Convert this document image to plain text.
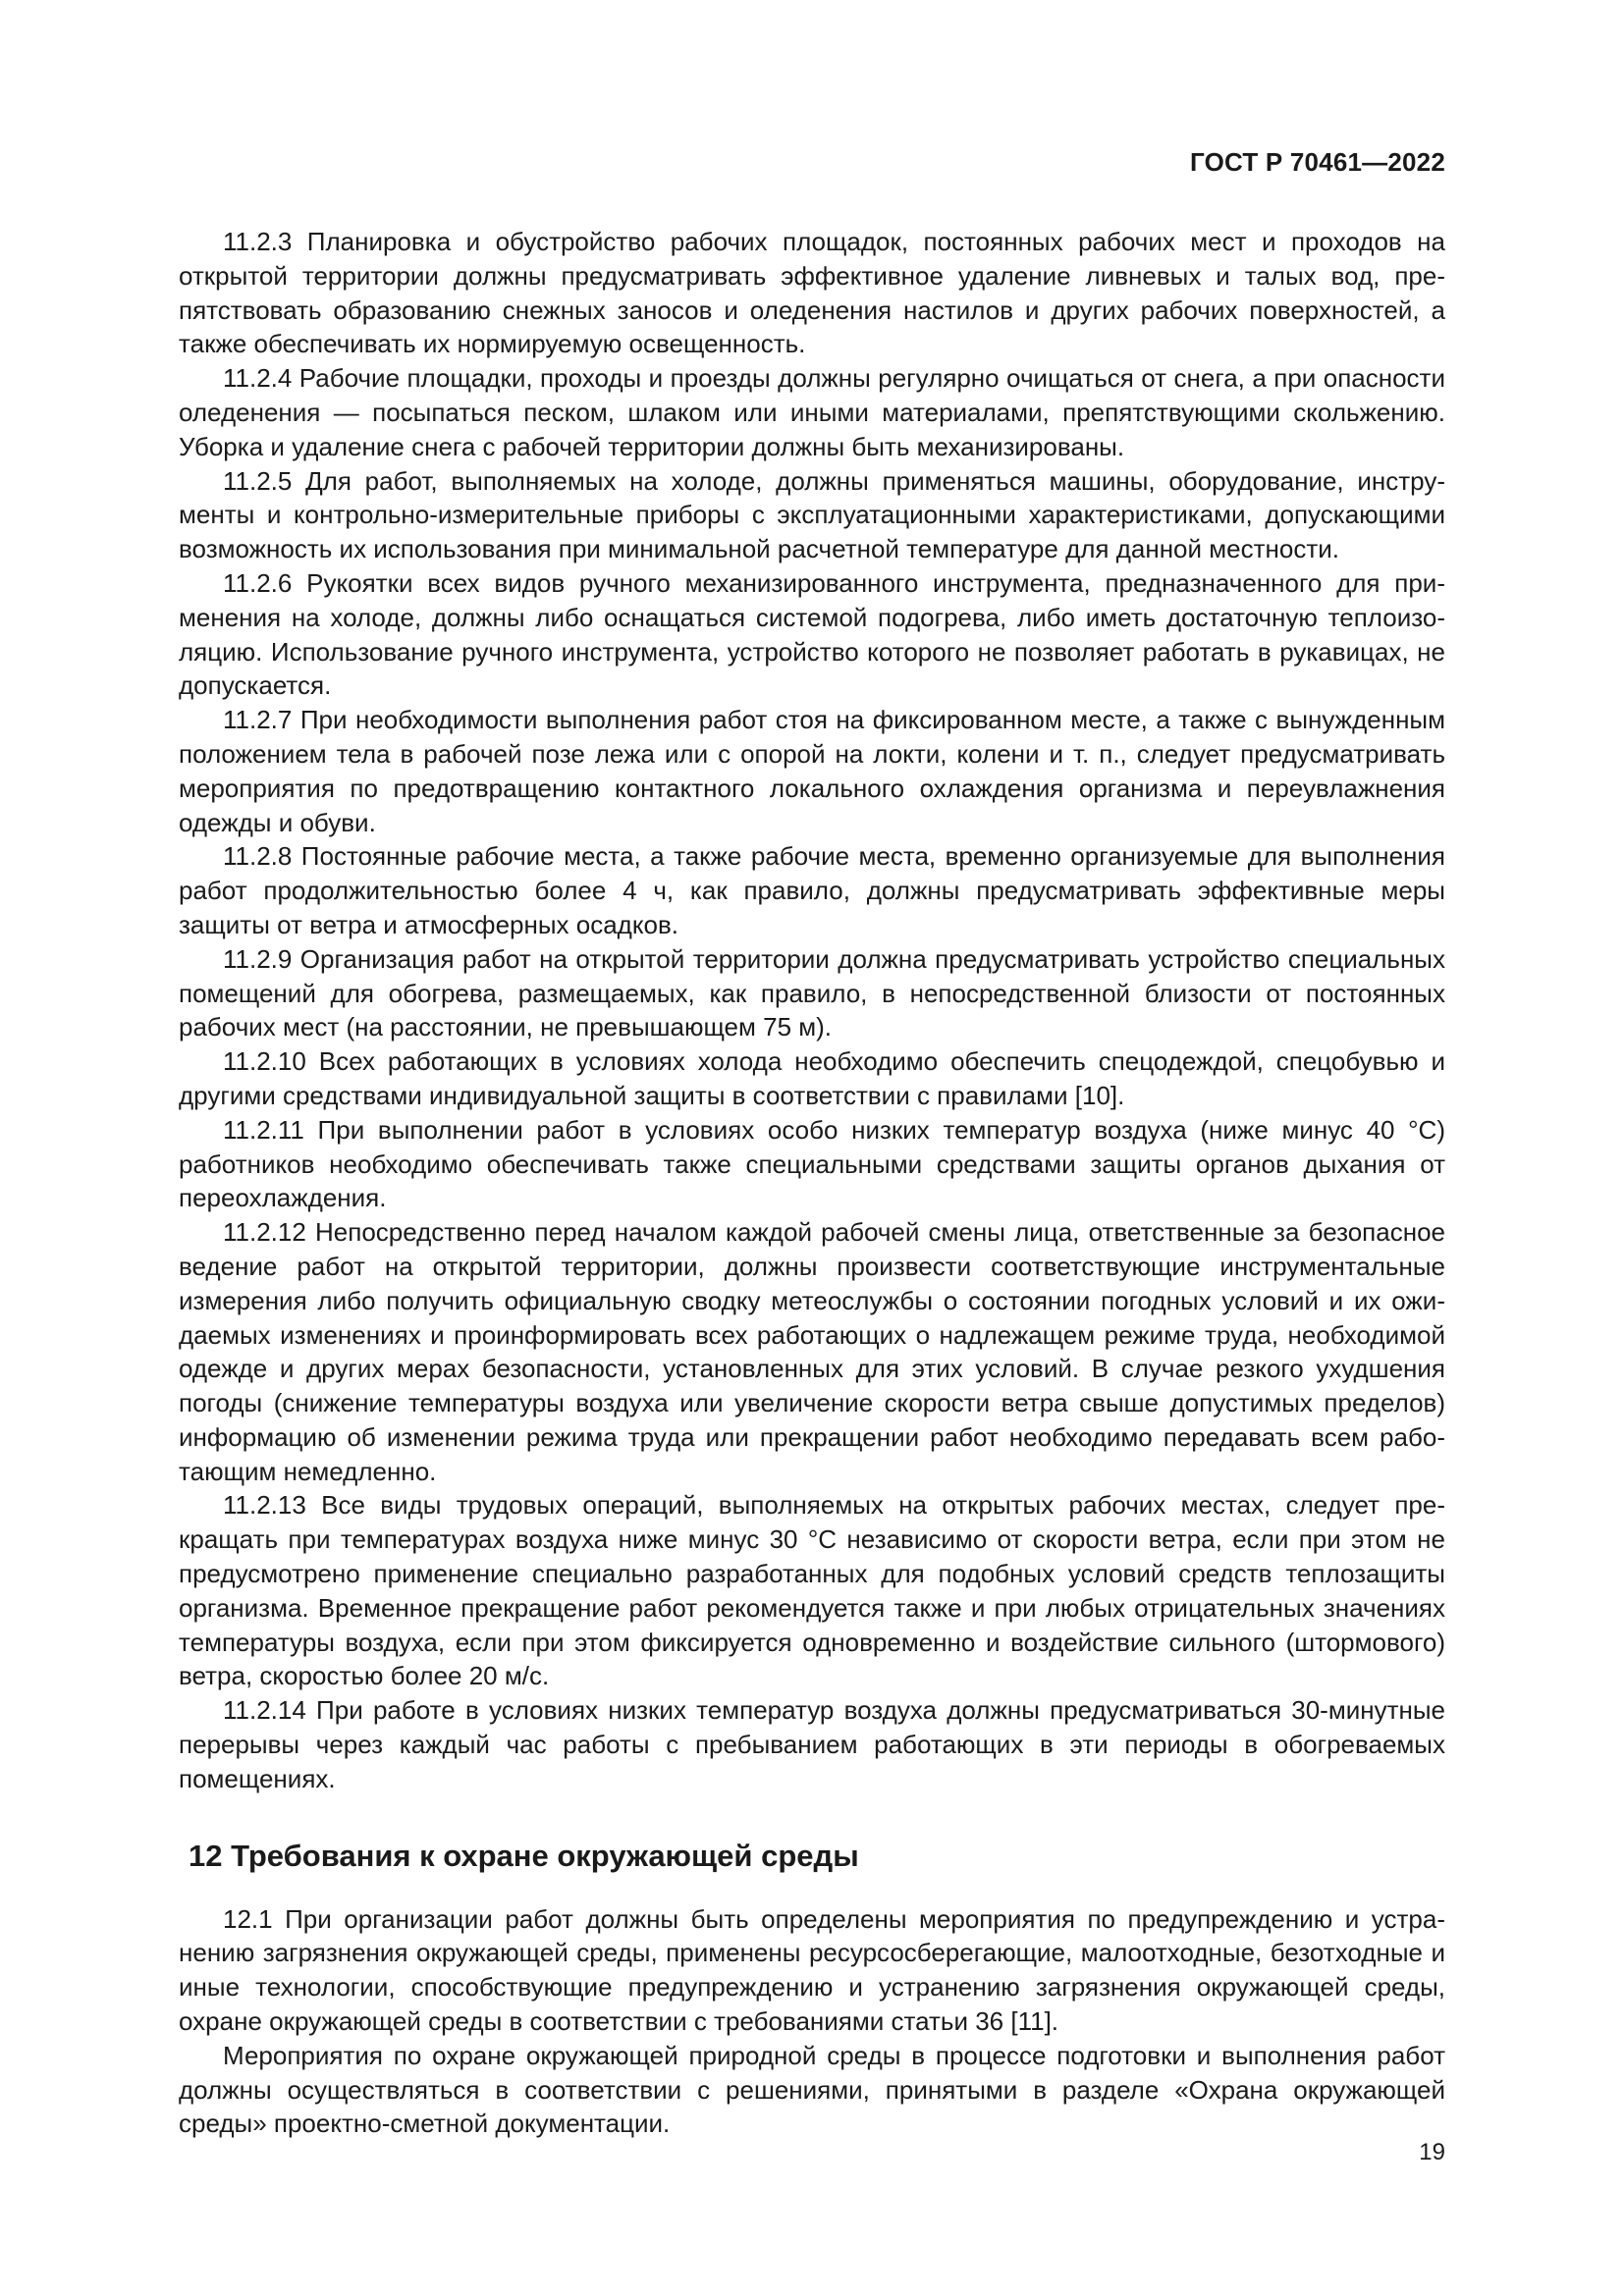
ГОСТ Р 70461—2022

11.2.3 Планировка и обустройство рабочих площадок, постоянных рабочих мест и проходов на открытой территории должны предусматривать эффективное удаление ливневых и талых вод, препятствовать образованию снежных заносов и оледенения настилов и других рабочих поверхностей, а также обеспечивать их нормируемую освещенность.

11.2.4 Рабочие площадки, проходы и проезды должны регулярно очищаться от снега, а при опасности оледенения — посыпаться песком, шлаком или иными материалами, препятствующими скольжению. Уборка и удаление снега с рабочей территории должны быть механизированы.

11.2.5 Для работ, выполняемых на холоде, должны применяться машины, оборудование, инструменты и контрольно-измерительные приборы с эксплуатационными характеристиками, допускающими возможность их использования при минимальной расчетной температуре для данной местности.

11.2.6 Рукоятки всех видов ручного механизированного инструмента, предназначенного для применения на холоде, должны либо оснащаться системой подогрева, либо иметь достаточную теплоизоляцию. Использование ручного инструмента, устройство которого не позволяет работать в рукавицах, не допускается.

11.2.7 При необходимости выполнения работ стоя на фиксированном месте, а также с вынужденным положением тела в рабочей позе лежа или с опорой на локти, колени и т. п., следует предусматривать мероприятия по предотвращению контактного локального охлаждения организма и переувлажнения одежды и обуви.

11.2.8 Постоянные рабочие места, а также рабочие места, временно организуемые для выполнения работ продолжительностью более 4 ч, как правило, должны предусматривать эффективные меры защиты от ветра и атмосферных осадков.

11.2.9 Организация работ на открытой территории должна предусматривать устройство специальных помещений для обогрева, размещаемых, как правило, в непосредственной близости от постоянных рабочих мест (на расстоянии, не превышающем 75 м).

11.2.10 Всех работающих в условиях холода необходимо обеспечить спецодеждой, спецобувью и другими средствами индивидуальной защиты в соответствии с правилами [10].

11.2.11 При выполнении работ в условиях особо низких температур воздуха (ниже минус 40 °С) работников необходимо обеспечивать также специальными средствами защиты органов дыхания от переохлаждения.

11.2.12 Непосредственно перед началом каждой рабочей смены лица, ответственные за безопасное ведение работ на открытой территории, должны произвести соответствующие инструментальные измерения либо получить официальную сводку метеослужбы о состоянии погодных условий и их ожидаемых изменениях и проинформировать всех работающих о надлежащем режиме труда, необходимой одежде и других мерах безопасности, установленных для этих условий. В случае резкого ухудшения погоды (снижение температуры воздуха или увеличение скорости ветра свыше допустимых пределов) информацию об изменении режима труда или прекращении работ необходимо передавать всем работающим немедленно.

11.2.13 Все виды трудовых операций, выполняемых на открытых рабочих местах, следует прекращать при температурах воздуха ниже минус 30 °С независимо от скорости ветра, если при этом не предусмотрено применение специально разработанных для подобных условий средств теплозащиты организма. Временное прекращение работ рекомендуется также и при любых отрицательных значениях температуры воздуха, если при этом фиксируется одновременно и воздействие сильного (штормового) ветра, скоростью более 20 м/с.

11.2.14 При работе в условиях низких температур воздуха должны предусматриваться 30-минутные перерывы через каждый час работы с пребыванием работающих в эти периоды в обогреваемых помещениях.

12 Требования к охране окружающей среды

12.1 При организации работ должны быть определены мероприятия по предупреждению и устранению загрязнения окружающей среды, применены ресурсосберегающие, малоотходные, безотходные и иные технологии, способствующие предупреждению и устранению загрязнения окружающей среды, охране окружающей среды в соответствии с требованиями статьи 36 [11].

Мероприятия по охране окружающей природной среды в процессе подготовки и выполнения работ должны осуществляться в соответствии с решениями, принятыми в разделе «Охрана окружающей среды» проектно-сметной документации.

19
